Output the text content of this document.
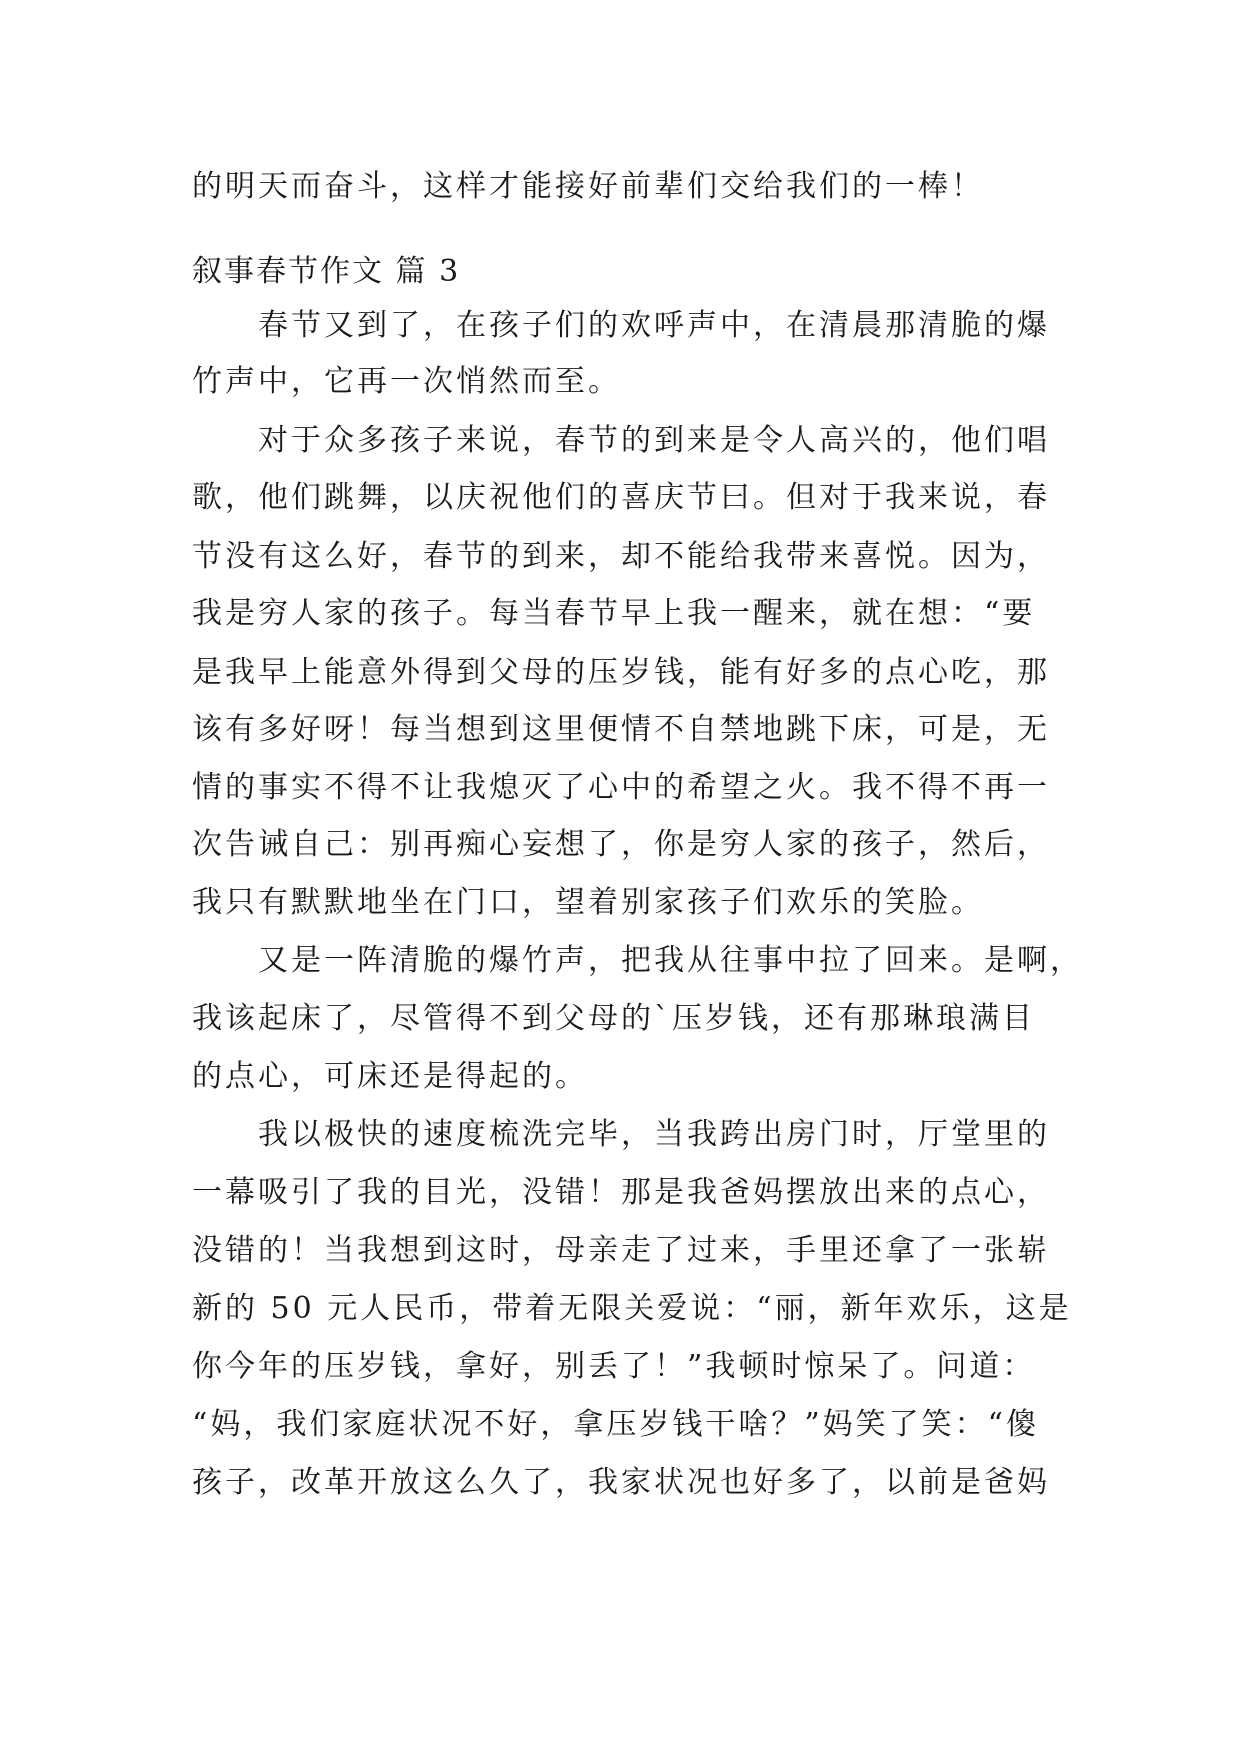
的明天而奋斗，这样才能接好前辈们交给我们的一棒！
叙事春节作文 篇 3
　　春节又到了，在孩子们的欢呼声中，在清晨那清脆的爆
竹声中，它再一次悄然而至。
　　对于众多孩子来说，春节的到来是令人高兴的，他们唱
歌，他们跳舞，以庆祝他们的喜庆节曰。但对于我来说，春
节没有这么好，春节的到来，却不能给我带来喜悦。因为，
我是穷人家的孩子。每当春节早上我一醒来，就在想：“要
是我早上能意外得到父母的压岁钱，能有好多的点心吃，那
该有多好呀！每当想到这里便情不自禁地跳下床，可是，无
情的事实不得不让我熄灭了心中的希望之火。我不得不再一
次告诫自己：别再痴心妄想了，你是穷人家的孩子，然后，
我只有默默地坐在门口，望着别家孩子们欢乐的笑脸。
　　又是一阵清脆的爆竹声，把我从往事中拉了回来。是啊，
我该起床了，尽管得不到父母的`压岁钱，还有那琳琅满目
的点心，可床还是得起的。
　　我以极快的速度梳洗完毕，当我跨出房门时，厅堂里的
一幕吸引了我的目光，没错！那是我爸妈摆放出来的点心，
没错的！当我想到这时，母亲走了过来，手里还拿了一张崭
新的 50 元人民币，带着无限关爱说：“丽，新年欢乐，这是
你今年的压岁钱，拿好，别丢了！”我顿时惊呆了。问道：
“妈，我们家庭状况不好，拿压岁钱干啥？”妈笑了笑：“傻
孩子，改革开放这么久了，我家状况也好多了，以前是爸妈
